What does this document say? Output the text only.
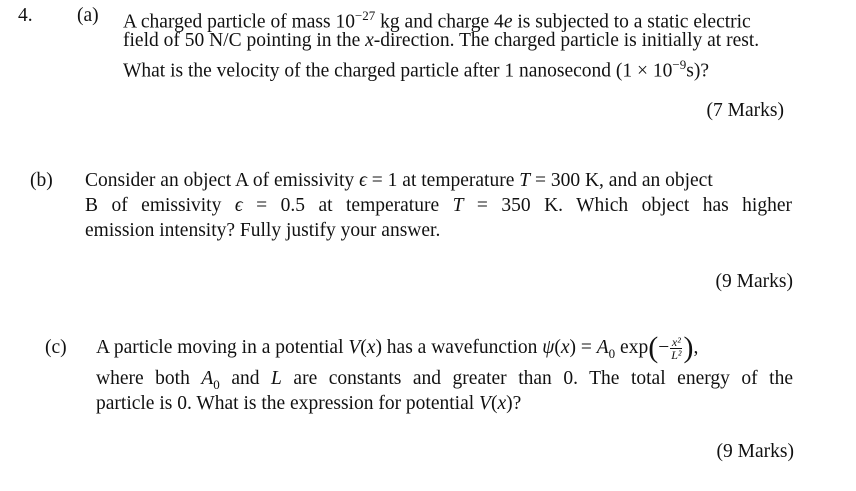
4. (a) A charged particle of mass $10^{-27}$ kg and charge 4e is subjected to a static electric
field of 50 N/C pointing in the x-direction. The charged particle is initially at rest.
What is the velocity of the charged particle after 1 nanosecond $(1 \times 10^{-9}s)$?
(7 Marks)
(b) Consider an object A of emissivity ϵ = 1 at temperature T = 300 K, and an object
B of emissivity ϵ = 0.5 at temperature T = 350 K. Which object has higher
emission intensity? Fully justify your answer.
(9 Marks)
(c) A particle moving in a potential V(x) has a wavefunction $\psi(x) = A_0$ $\exp(- \frac{\text{x²}}{\text{L²}}$ ),
where both $A_0$ and L are constants and greater than 0. The total energy of the
particle is 0. What is the expression for potential V(x)?
(9 Marks)
